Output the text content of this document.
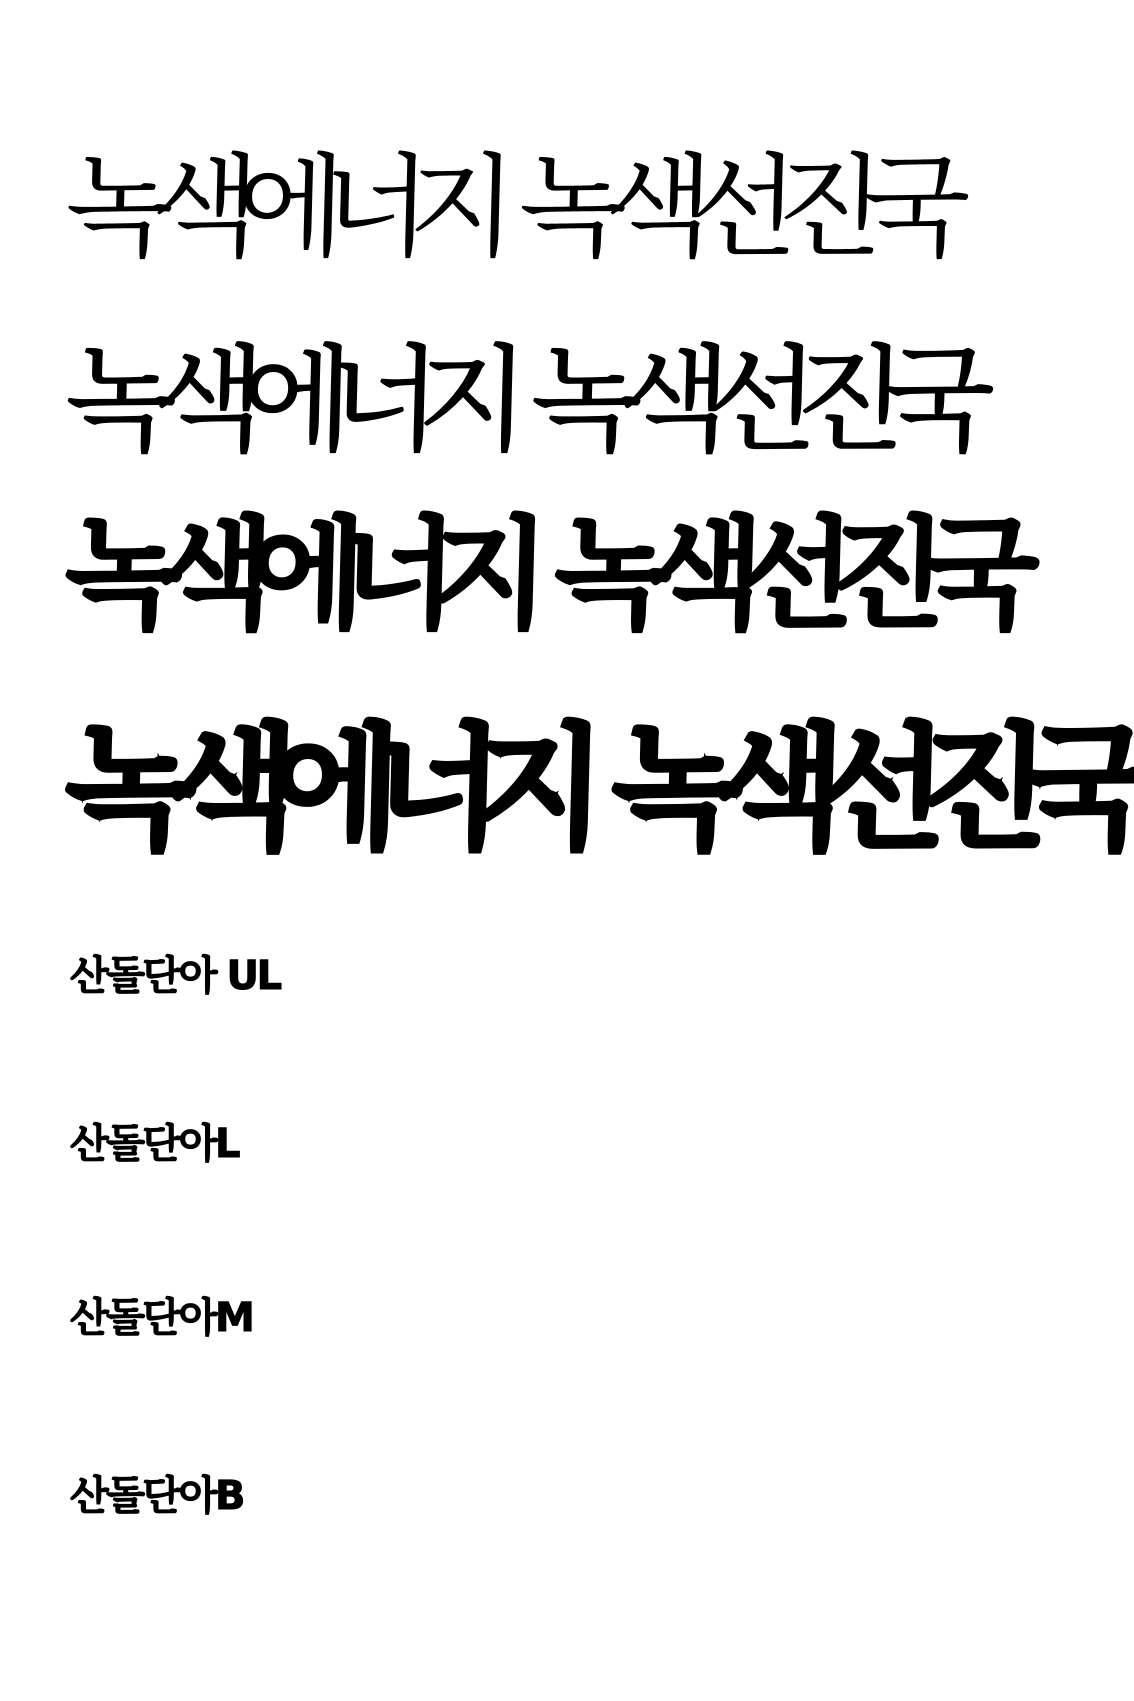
녹색에너지 녹색선진국
녹색에너지 녹색선진국
녹색에너지 녹색선진국
녹색에너지 녹색선진국
산돌단아 UL
산돌단아L
산돌단아M
산돌단아B
